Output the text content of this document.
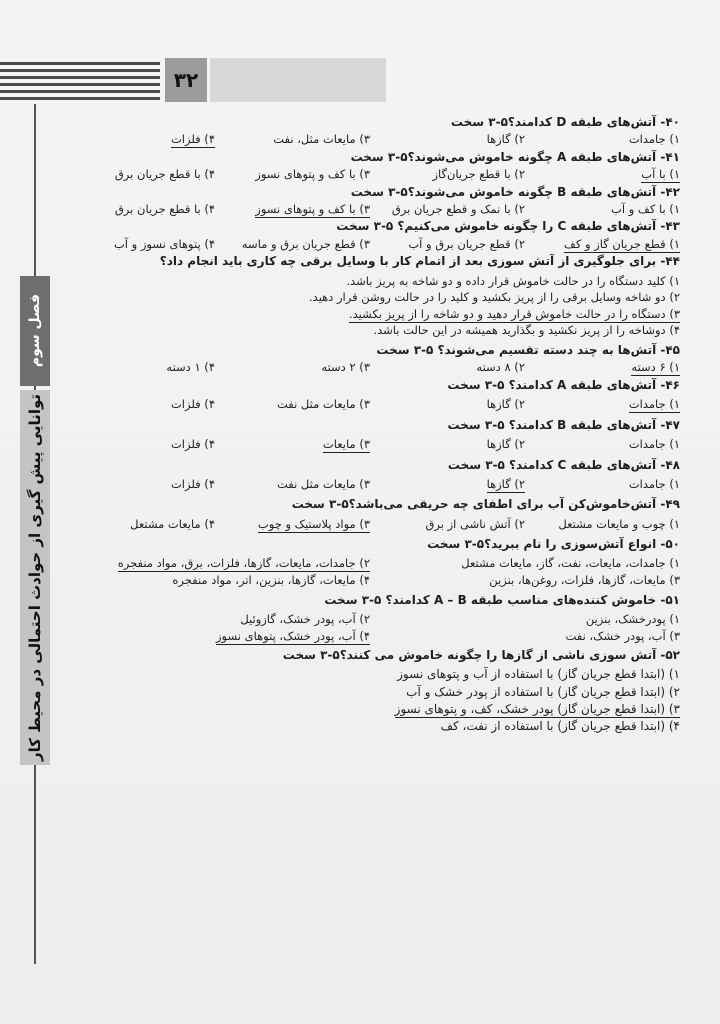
۳۲
فصل سوم
توانایی پیش گیری از حوادث احتمالی در محیط کار
۴۰- آتش‌های طبقه D کدامند؟۵-۳ سخت
۱) جامدات
۲) گازها
۳) مایعات مثل، نفت
۴) فلزات
۴۱- آتش‌های طبقه A چگونه خاموش می‌شوند؟۵-۳ سخت
۱) با آب
۲) با قطع جریان‌گاز
۳) با کف و پتوهای نسوز
۴) با قطع جریان برق
۴۲- آتش‌های طبقه B چگونه خاموش می‌شوند؟۵-۳ سخت
۱) با کف و آب
۲) با نمک و قطع جریان برق
۳) با کف و پتوهای نسوز
۴) با قطع جریان برق
۴۳- آتش‌های طبقه C را چگونه خاموش می‌کنیم؟ ۵-۳ سخت
۱) قطع جریان گاز و کف
۲) قطع جریان برق و آب
۳) قطع جریان برق و ماسه
۴) پتوهای نسوز و آب
۴۴- برای جلوگیری از آتش سوزی بعد از اتمام کار با وسایل برقی چه کاری باید انجام داد؟
۱) کلید دستگاه را در حالت خاموش قرار داده و دو شاخه به پریز باشد.
۲) دو شاخه وسایل برقی را از پریز بکشید و کلید را در حالت روشن قرار دهید.
۳) دستگاه را در حالت خاموش قرار دهید و دو شاخه را از پریز بکشید.
۴) دوشاخه را از پریز نکشید و بگذارید همیشه در این حالت باشد.
۴۵- آتش‌ها به چند دسته تقسیم می‌شوند؟ ۵-۳ سخت
۱) ۶ دسته
۲) ۸ دسته
۳) ۲ دسته
۴) ۱ دسته
۴۶- آتش‌های طبقه A کدامند؟ ۵-۳ سخت
۱) جامدات
۲) گازها
۳) مایعات مثل نفت
۴) فلزات
۴۷- آتش‌های طبقه B کدامند؟ ۵-۳ سخت
۱) جامدات
۲) گازها
۳) مایعات
۴) فلزات
۴۸- آتش‌های طبقه C کدامند؟ ۵-۳ سخت
۱) جامدات
۲) گازها
۳) مایعات مثل نفت
۴) فلزات
۴۹- آتش‌خاموش‌کن آب برای اطفای چه حریقی می‌باشد؟۵-۳ سخت
۱) چوب و مایعات مشتعل
۲) آتش ناشی از برق
۳) مواد پلاستیک و چوب
۴) مایعات مشتعل
۵۰- انواع آتش‌سوزی را نام ببرید؟۵-۳ سخت
۱) جامدات، مایعات، نفت، گاز، مایعات مشتعل
۲) جامدات، مایعات، گازها، فلزات، برق، مواد منفجره
۳) مایعات، گازها، فلزات، روغن‌ها، بنزین
۴) مایعات، گازها، بنزین، اتر، مواد منفجره
۵۱- خاموش کننده‌های مناسب طبقه A – B کدامند؟ ۵-۳ سخت
۱) پودرخشک، بنزین
۲) آب، پودر خشک، گازوئیل
۳) آب، پودر خشک، نفت
۴) آب، پودر خشک، پتوهای نسوز
۵۲- آتش سوزی ناشی از گازها را چگونه خاموش می کنند؟۵-۳ سخت
۱) (ابتدا قطع جریان گاز) با استفاده از آب و پتوهای نسوز
۲) (ابتدا قطع جریان گاز) با استفاده از پودر خشک و آب
۳) (ابتدا قطع جریان گاز) پودر خشک، کف، و پتوهای نسوز
۴) (ابتدا قطع جریان گاز) با استفاده از نفت، کف
